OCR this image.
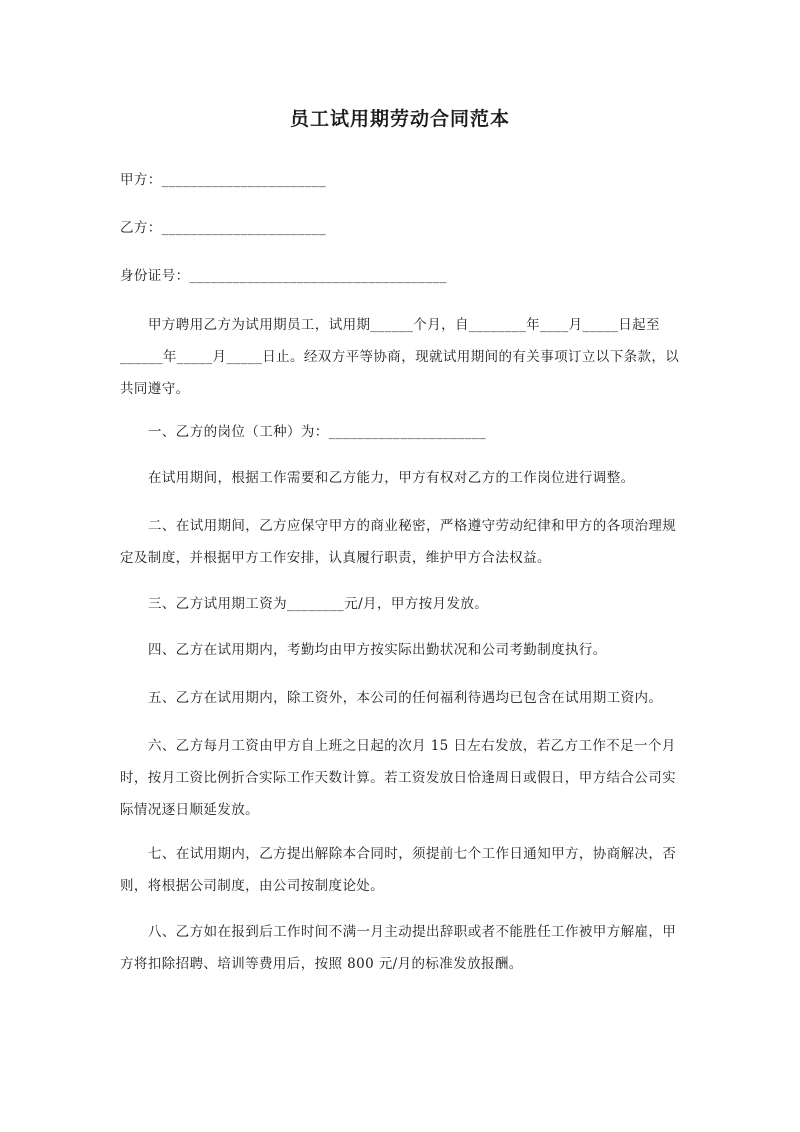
员工试用期劳动合同范本
甲方：_______________________
乙方：_______________________
身份证号：____________________________________

甲方聘用乙方为试用期员工，试用期______个月，自________年____月_____日起至______年_____月_____日止。经双方平等协商，现就试用期间的有关事项订立以下条款，以共同遵守。

一、乙方的岗位（工种）为：______________________

在试用期间，根据工作需要和乙方能力，甲方有权对乙方的工作岗位进行调整。

二、在试用期间，乙方应保守甲方的商业秘密，严格遵守劳动纪律和甲方的各项治理规定及制度，并根据甲方工作安排，认真履行职责，维护甲方合法权益。

三、乙方试用期工资为________元/月，甲方按月发放。

四、乙方在试用期内，考勤均由甲方按实际出勤状况和公司考勤制度执行。

五、乙方在试用期内，除工资外，本公司的任何福利待遇均已包含在试用期工资内。

六、乙方每月工资由甲方自上班之日起的次月 15 日左右发放，若乙方工作不足一个月时，按月工资比例折合实际工作天数计算。若工资发放日恰逢周日或假日，甲方结合公司实际情况逐日顺延发放。

七、在试用期内，乙方提出解除本合同时，须提前七个工作日通知甲方，协商解决，否则，将根据公司制度，由公司按制度论处。

八、乙方如在报到后工作时间不满一月主动提出辞职或者不能胜任工作被甲方解雇，甲方将扣除招聘、培训等费用后，按照 800 元/月的标准发放报酬。
